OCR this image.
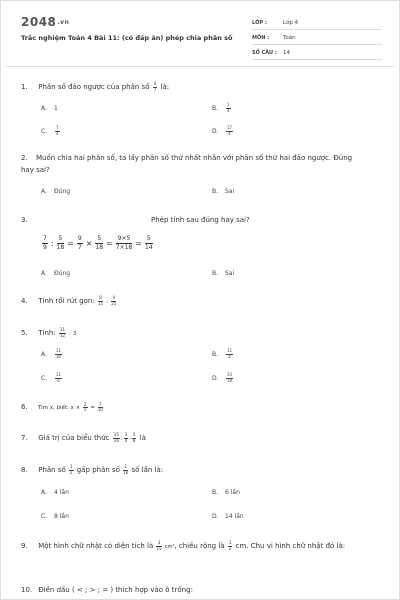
2048.vn
Trắc nghiệm Toán 4 Bài 11: (có đáp án) phép chia phân số
LỚP :	Lớp 4
MÔN :	Toán
SỐ CÂU :	14
1. Phân số đảo ngược của phân số $\frac{4}{7}$ là:
A. 1	B. $\frac{1}{4}$
C. $\frac{7}{4}$	D. $\frac{17}{4}$
2. Muốn chia hai phân số, ta lấy phân số thứ nhất nhân với phân số thứ hai đảo ngược. Đúng hay sai?
A. Đúng	B. Sai
3.	Phép tính sau đúng hay sai?
$\frac{7}{9}$ : $\frac{5}{18} = \frac{9}{7} \times \frac{5}{18} = \frac{9\times 5}{7\times 18} = \frac{5}{14}$
A. Đúng	B. Sai
4. Tính rồi rút gọn: $\frac{8}{15}$ : $\frac{4}{25}$
5. Tính: $\frac{11}{12}$ : 3
A. $\frac{11}{36}$	B. $\frac{11}{4}$
C. $\frac{11}{6}$	D. $\frac{33}{18}$
6. Tìm x, biết: $x \times \frac{2}{5} = \frac{7}{10}$
7. Giá trị của biểu thức $\frac{15}{16}$ : $\frac{3}{4} - \frac{5}{8}$ là
8. Phân số $\frac{1}{2}$ gấp phân số $\frac{1}{16}$ số lần là:
A. 4 lần	B. 6 lần
C. 8 lần	D. 14 lần
9. Một hình chữ nhật có diện tích là $\frac{3}{15} cm^2$, chiều rộng là $\frac{1}{2}$ cm. Chu vi hình chữ nhật đó là:
10. Điền dấu ( < ; > ; = ) thích hợp vào ô trống:
